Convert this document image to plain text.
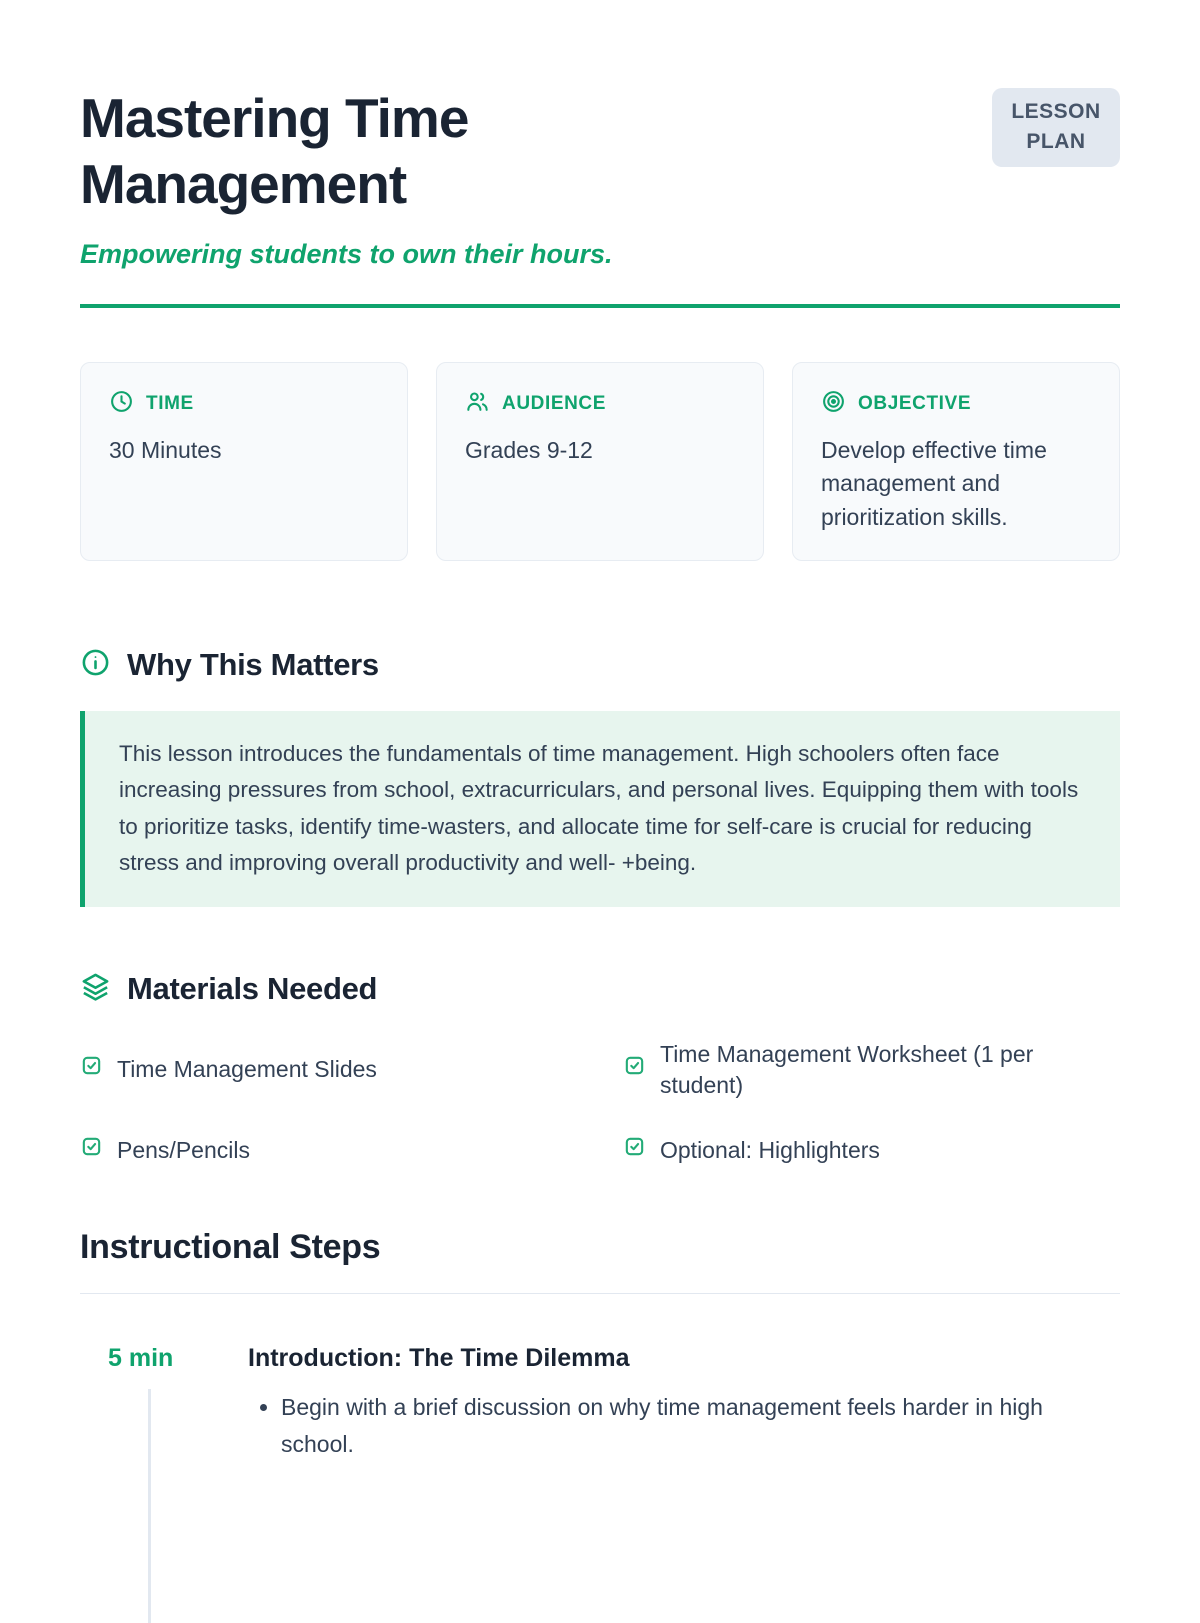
Mastering Time Management
LESSON PLAN

Empowering students to own their hours.

TIME
30 Minutes
AUDIENCE
Grades 9-12
OBJECTIVE
Develop effective time management and prioritization skills.
Why This Matters
This lesson introduces the fundamentals of time management. High schoolers often face increasing pressures from school, extracurriculars, and personal lives. Equipping them with tools to prioritize tasks, identify time-wasters, and allocate time for self-care is crucial for reducing stress and improving overall productivity and well- +being.
Materials Needed
Time Management Slides
Time Management Worksheet (1 per student)
Pens/Pencils	Optional: Highlighters
Instructional Steps
5 min	Introduction: The Time Dilemma
• Begin with a brief discussion on why time management feels harder in high school.
